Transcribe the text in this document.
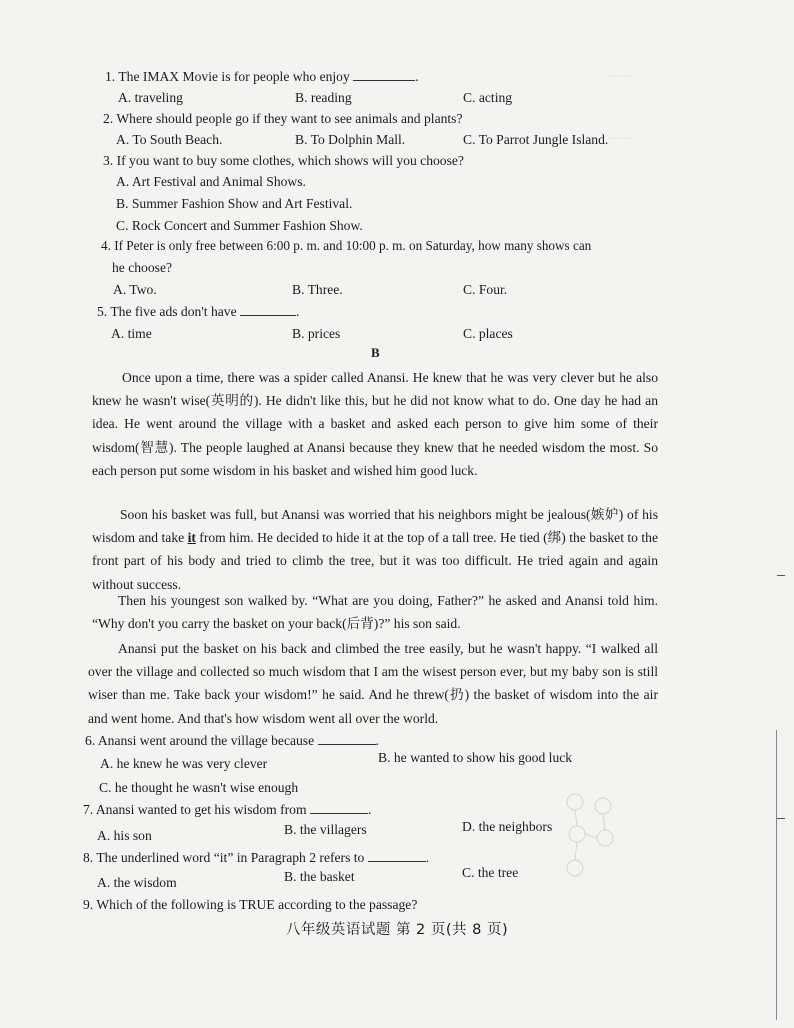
........
........
1. The IMAX Movie is for people who enjoy	.
A. traveling	B. reading	C. acting
2. Where should people go if they want to see animals and plants?
A. To South Beach.	B. To Dolphin Mall.	C. To Parrot Jungle Island.
3. If you want to buy some clothes, which shows will you choose?
A. Art Festival and Animal Shows.
B. Summer Fashion Show and Art Festival.
C. Rock Concert and Summer Fashion Show.
4. If Peter is only free between 6:00 p. m. and 10:00 p. m. on Saturday, how many shows can
he choose?
A. Two.	B. Three.	C. Four.
5. The five ads don't have	.
A. time	B. prices	C. places
B
Once upon a time, there was a spider called Anansi. He knew that he was very clever but he also knew he wasn't wise(英明的). He didn't like this, but he did not know what to do. One day he had an idea. He went around the village with a basket and asked each person to give him some of their wisdom(智慧). The people laughed at Anansi because they knew that he needed wisdom the most. So each person put some wisdom in his basket and wished him good luck.
Soon his basket was full, but Anansi was worried that his neighbors might be jealous(嫉妒) of his wisdom and take it from him. He decided to hide it at the top of a tall tree. He tied (绑) the basket to the front part of his body and tried to climb the tree, but it was too difficult. He tried again and again without success.
Then his youngest son walked by. “What are you doing, Father?” he asked and Anansi told him. “Why don't you carry the basket on your back(后背)?” his son said.
Anansi put the basket on his back and climbed the tree easily, but he wasn't happy. “I walked all over the village and collected so much wisdom that I am the wisest person ever, but my baby son is still wiser than me. Take back your wisdom!” he said. And he threw(扔) the basket of wisdom into the air and went home. And that's how wisdom went all over the world.
6. Anansi went around the village because	.
A. he knew he was very clever	B. he wanted to show his good luck
C. he thought he wasn't wise enough
7. Anansi wanted to get his wisdom from	.
A. his son	B. the villagers	D. the neighbors
8. The underlined word “it” in Paragraph 2 refers to	.
A. the wisdom	B. the basket	C. the tree
9. Which of the following is TRUE according to the passage?
八年级英语试题 第 2 页(共 8 页)
